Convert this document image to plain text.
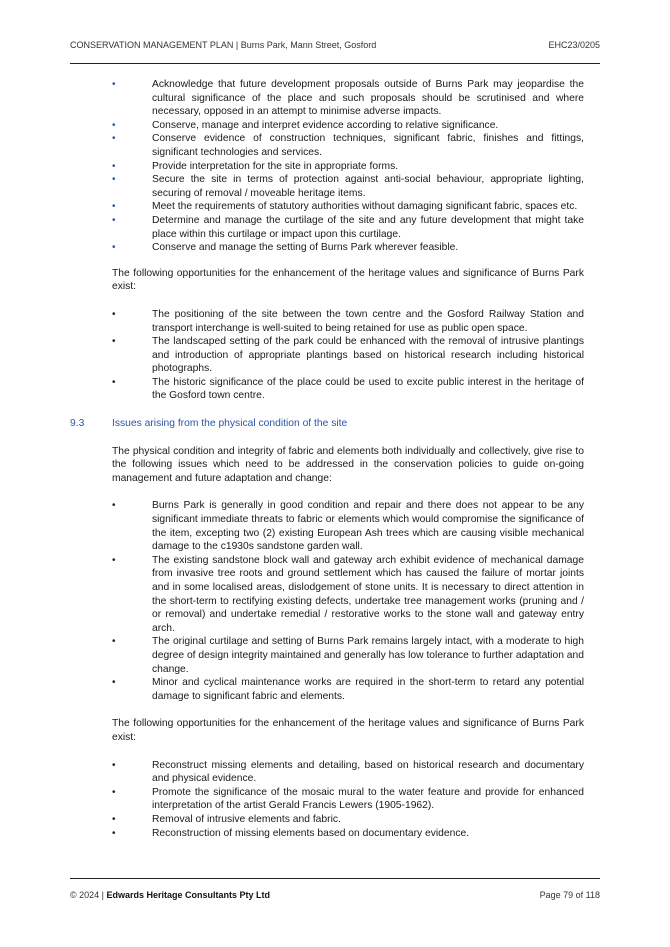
CONSERVATION MANAGEMENT PLAN | Burns Park, Mann Street, Gosford	EHC23/0205
•	Acknowledge that future development proposals outside of Burns Park may jeopardise the cultural significance of the place and such proposals should be scrutinised and where necessary, opposed in an attempt to minimise adverse impacts.
•	Conserve, manage and interpret evidence according to relative significance.
•	Conserve evidence of construction techniques, significant fabric, finishes and fittings, significant technologies and services.
•	Provide interpretation for the site in appropriate forms.
•	Secure the site in terms of protection against anti-social behaviour, appropriate lighting, securing of removal / moveable heritage items.
•	Meet the requirements of statutory authorities without damaging significant fabric, spaces etc.
•	Determine and manage the curtilage of the site and any future development that might take place within this curtilage or impact upon this curtilage.
•	Conserve and manage the setting of Burns Park wherever feasible.
The following opportunities for the enhancement of the heritage values and significance of Burns Park exist:
•	The positioning of the site between the town centre and the Gosford Railway Station and transport interchange is well-suited to being retained for use as public open space.
•	The landscaped setting of the park could be enhanced with the removal of intrusive plantings and introduction of appropriate plantings based on historical research including historical photographs.
•	The historic significance of the place could be used to excite public interest in the heritage of the Gosford town centre.
9.3	Issues arising from the physical condition of the site
The physical condition and integrity of fabric and elements both individually and collectively, give rise to the following issues which need to be addressed in the conservation policies to guide on-going management and future adaptation and change:
•	Burns Park is generally in good condition and repair and there does not appear to be any significant immediate threats to fabric or elements which would compromise the significance of the item, excepting two (2) existing European Ash trees which are causing visible mechanical damage to the c1930s sandstone garden wall.
•	The existing sandstone block wall and gateway arch exhibit evidence of mechanical damage from invasive tree roots and ground settlement which has caused the failure of mortar joints and in some localised areas, dislodgement of stone units. It is necessary to direct attention in the short-term to rectifying existing defects, undertake tree management works (pruning and / or removal) and undertake remedial / restorative works to the stone wall and gateway entry arch.
•	The original curtilage and setting of Burns Park remains largely intact, with a moderate to high degree of design integrity maintained and generally has low tolerance to further adaptation and change.
•	Minor and cyclical maintenance works are required in the short-term to retard any potential damage to significant fabric and elements.
The following opportunities for the enhancement of the heritage values and significance of Burns Park exist:
•	Reconstruct missing elements and detailing, based on historical research and documentary and physical evidence.
•	Promote the significance of the mosaic mural to the water feature and provide for enhanced interpretation of the artist Gerald Francis Lewers (1905-1962).
•	Removal of intrusive elements and fabric.
•	Reconstruction of missing elements based on documentary evidence.
© 2024 | Edwards Heritage Consultants Pty Ltd	Page 79 of 118
